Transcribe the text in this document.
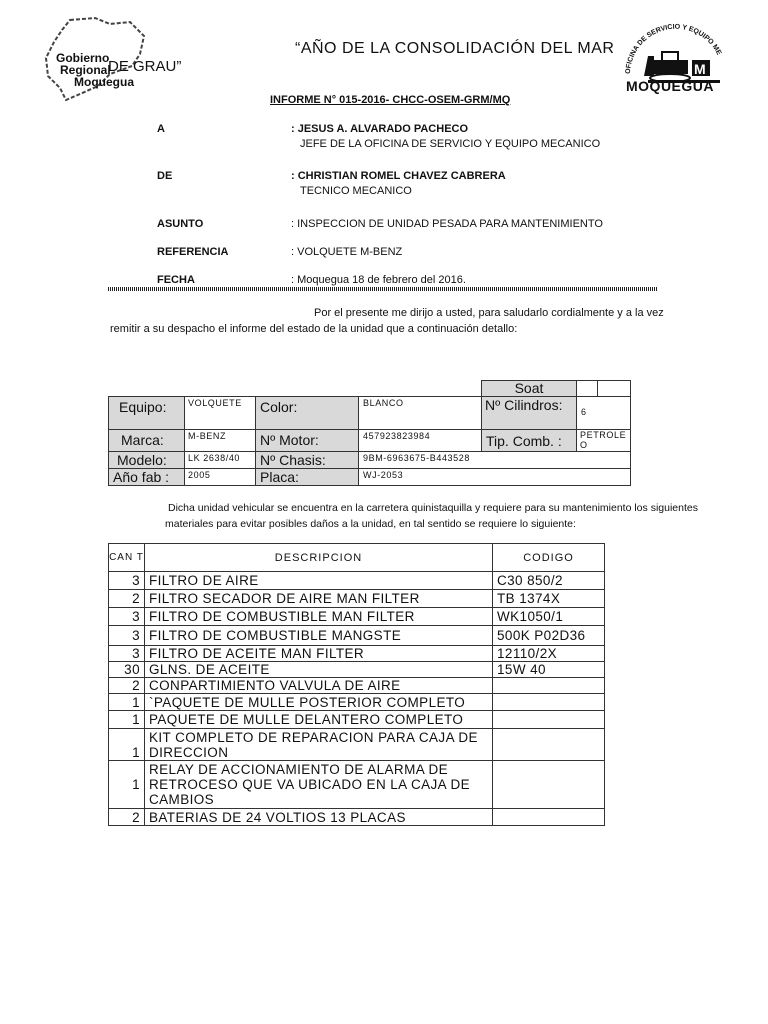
Gobierno
Regional
Moquegua
“AÑO DE LA CONSOLIDACIÓN DEL MAR
DE GRAU”	OFICINA DE SERVICIO Y EQUIPO ME
M
MOQUEGUA
INFORME N° 015-2016- CHCC-OSEM-GRM/MQ
A	: JESUS A. ALVARADO PACHECO
JEFE DE LA OFICINA DE SERVICIO Y EQUIPO MECANICO
DE	: CHRISTIAN ROMEL CHAVEZ CABRERA
TECNICO MECANICO
ASUNTO	: INSPECCION DE UNIDAD PESADA PARA MANTENIMIENTO
REFERENCIA	: VOLQUETE M-BENZ
FECHA	: Moquegua 18 de febrero del 2016.
Por el presente me dirijo a usted, para saludarlo cordialmente y a la vez
remitir a su despacho el informe del estado de la unidad que a continuación detallo:
Soat
Equipo:	VOLQUETE	Color:	BLANCO	Nº Cilindros:	6
Marca:	M-BENZ	Nº Motor:	457923823984	Tip. Comb. :	PETROLEO
Modelo:	LK 2638/40	Nº Chasis:	9BM-6963675-B443528
Año fab :	2005	Placa:	WJ-2053
Dicha unidad vehicular se encuentra en la carretera quinistaquilla y requiere para su mantenimiento los siguientes
materiales para evitar posibles daños a la unidad, en tal sentido se requiere lo siguiente:
CAN T	DESCRIPCION	CODIGO
3	FILTRO DE AIRE	C30 850/2
2	FILTRO SECADOR DE AIRE MAN FILTER	TB 1374X
3	FILTRO DE COMBUSTIBLE MAN FILTER	WK1050/1
3	FILTRO DE COMBUSTIBLE MANGSTE	500K P02D36
3	FILTRO DE ACEITE MAN FILTER	12110/2X
30	GLNS. DE ACEITE	15W 40
2	CONPARTIMIENTO VALVULA DE AIRE	
1	`PAQUETE DE MULLE POSTERIOR COMPLETO	
1	PAQUETE DE MULLE DELANTERO COMPLETO	
1	KIT COMPLETO DE REPARACION PARA CAJA DE DIRECCION	
1	RELAY DE ACCIONAMIENTO DE ALARMA DE RETROCESO QUE VA UBICADO EN LA CAJA DE CAMBIOS	
2	BATERIAS DE 24 VOLTIOS 13 PLACAS	
